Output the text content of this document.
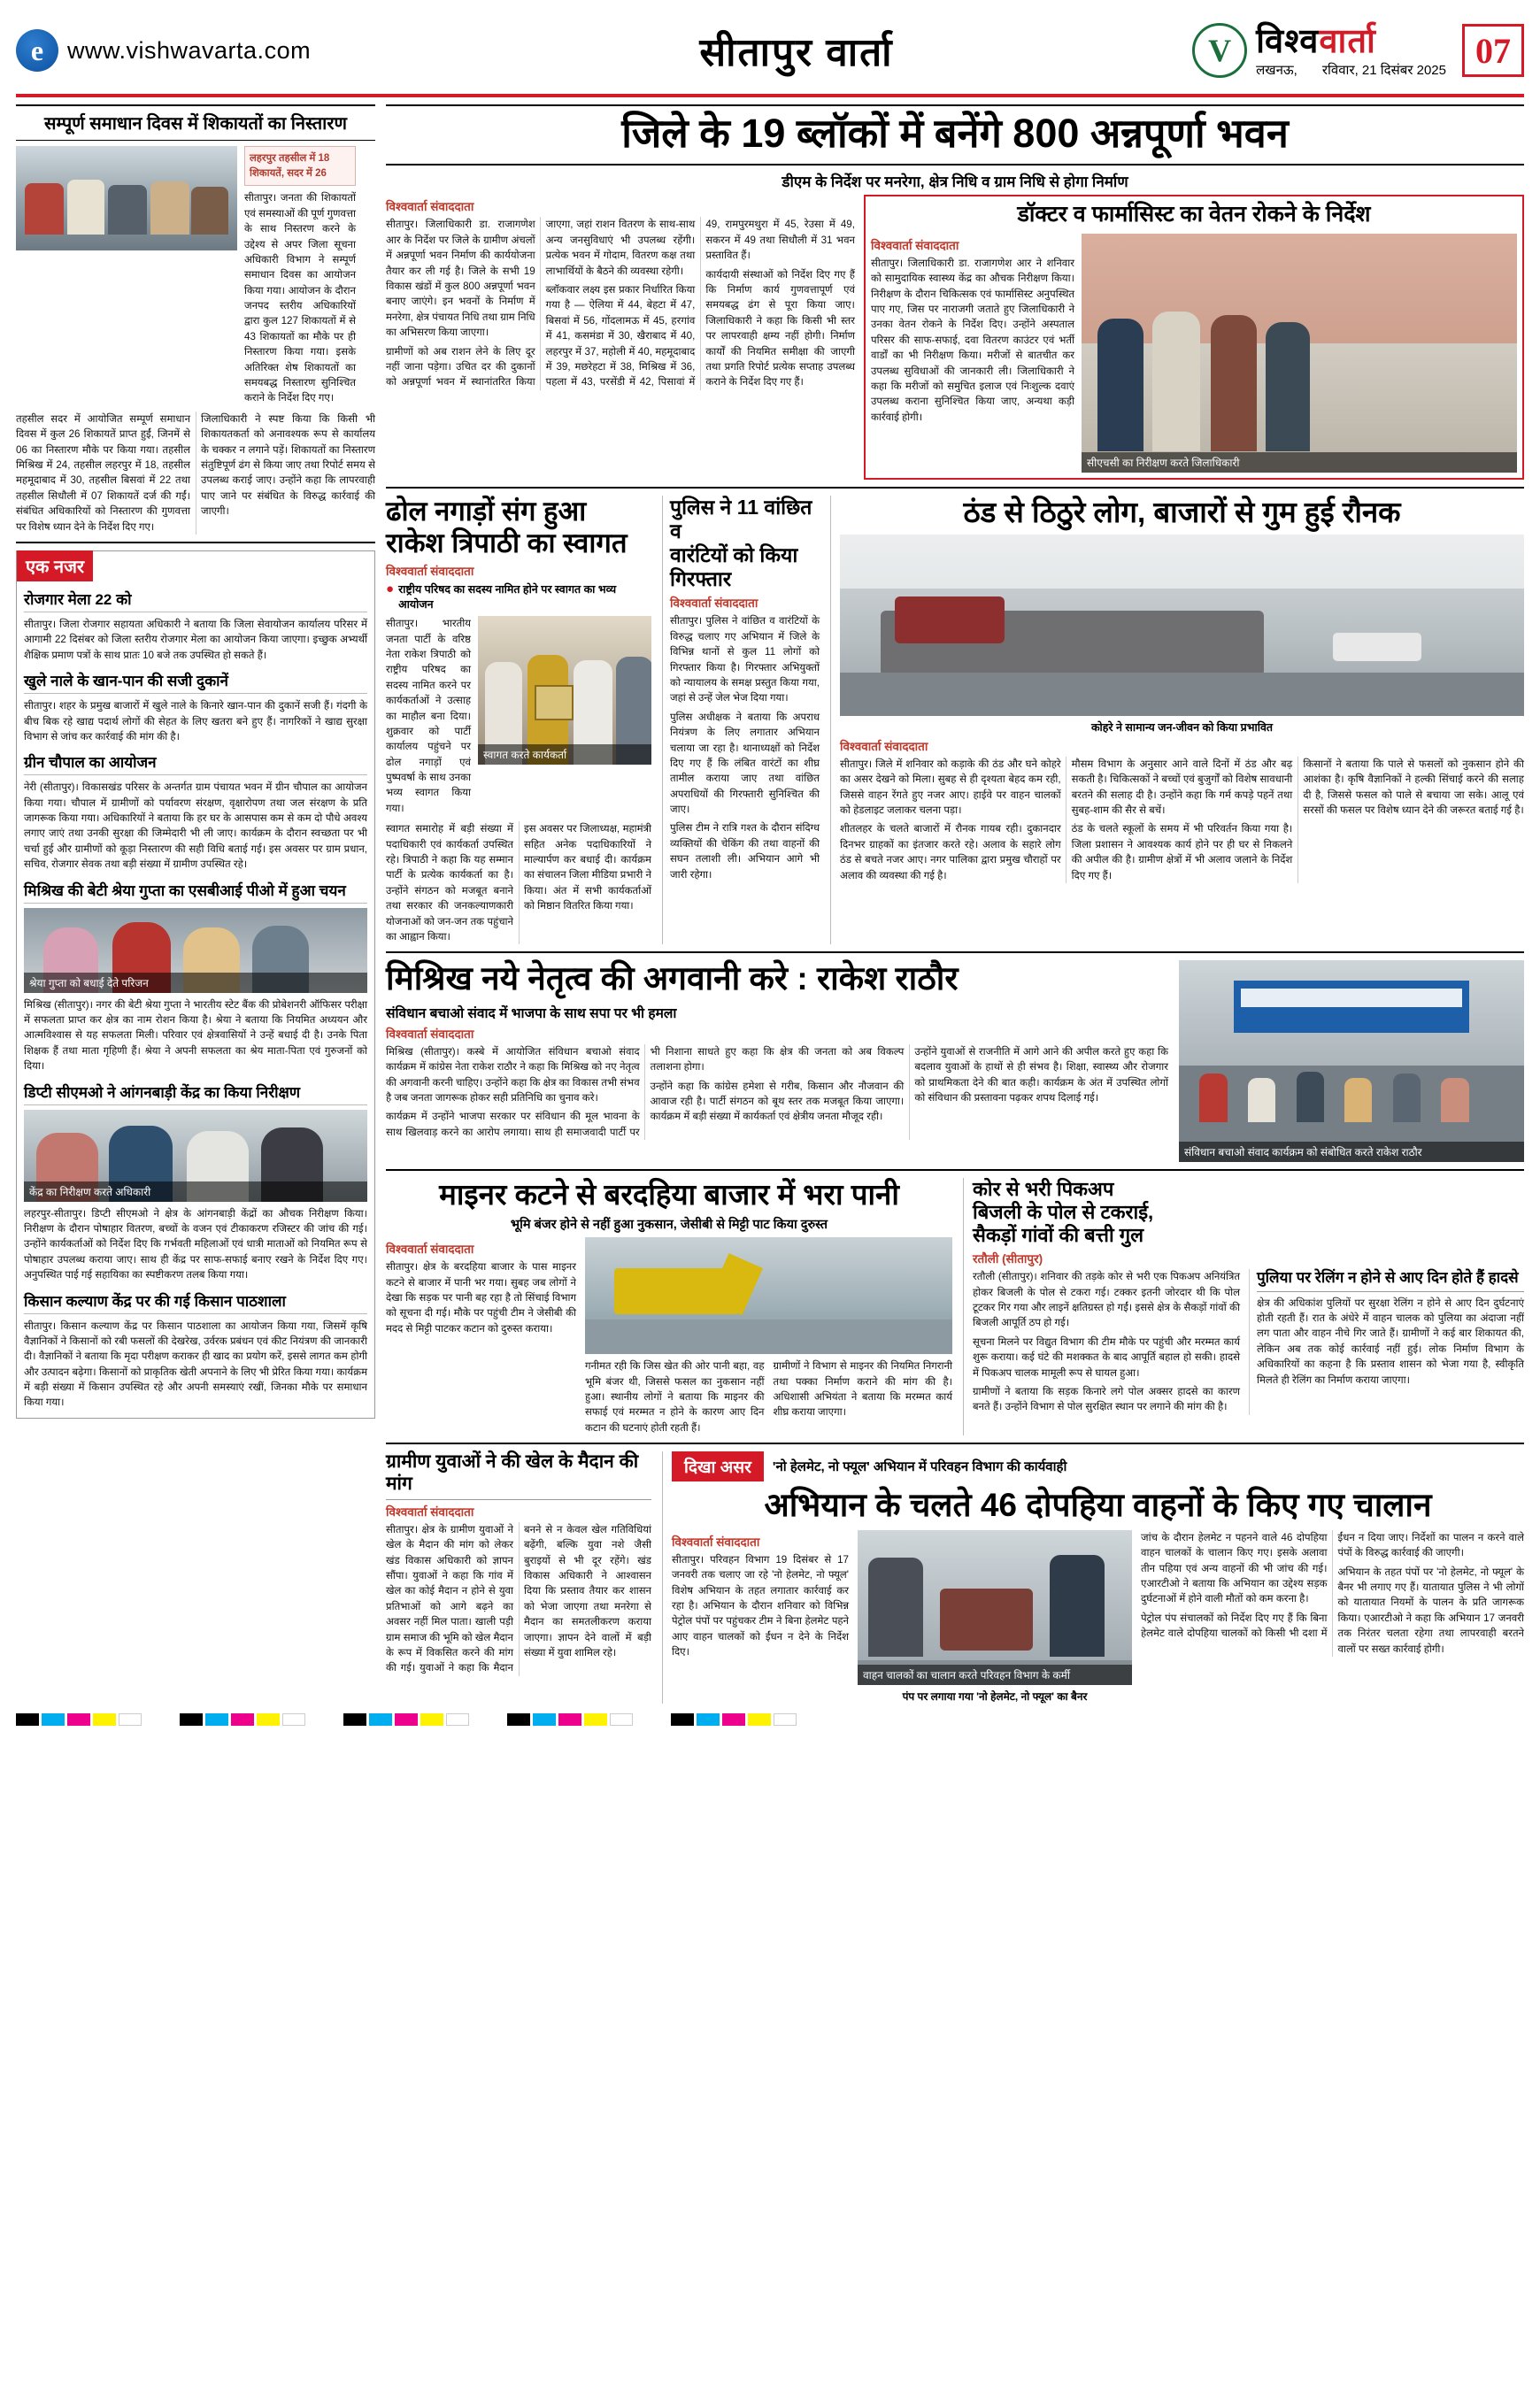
e www.vishwavarta.com	सीतापुर वार्ता	V विश्ववार्ता
लखनऊ, रविवार, 21 दिसंबर 2025 07
सम्पूर्ण समाधान दिवस में शिकायतों का निस्तारण
लहरपुर तहसील में 18 शिकायतें, सदर में 26
सीतापुर। जनता की शिकायतों एवं समस्याओं की पूर्ण गुणवत्ता के साथ निस्तरण करने के उद्देश्य से अपर जिला सूचना अधिकारी विभाग ने सम्पूर्ण समाधान दिवस का आयोजन किया गया। आयोजन के दौरान जनपद स्तरीय अधिकारियों द्वारा कुल 127 शिकायतों में से 43 शिकायतों का मौके पर ही निस्तारण किया गया। इसके अतिरिक्त शेष शिकायतों का समयबद्ध निस्तारण सुनिश्चित कराने के निर्देश दिए गए।
तहसील सदर में आयोजित सम्पूर्ण समाधान दिवस में कुल 26 शिकायतें प्राप्त हुईं, जिनमें से 06 का निस्तारण मौके पर किया गया। तहसील मिश्रिख में 24, तहसील लहरपुर में 18, तहसील महमूदाबाद में 30, तहसील बिसवां में 22 तथा तहसील सिधौली में 07 शिकायतें दर्ज की गईं। संबंधित अधिकारियों को निस्तारण की गुणवत्ता पर विशेष ध्यान देने के निर्देश दिए गए।
जिलाधिकारी ने स्पष्ट किया कि किसी भी शिकायतकर्ता को अनावश्यक रूप से कार्यालय के चक्कर न लगाने पड़ें। शिकायतों का निस्तारण संतुष्टिपूर्ण ढंग से किया जाए तथा रिपोर्ट समय से उपलब्ध कराई जाए। उन्होंने कहा कि लापरवाही पाए जाने पर संबंधित के विरुद्ध कार्रवाई की जाएगी।
एक नजर
रोजगार मेला 22 को
सीतापुर। जिला रोजगार सहायता अधिकारी ने बताया कि जिला सेवायोजन कार्यालय परिसर में आगामी 22 दिसंबर को जिला स्तरीय रोजगार मेला का आयोजन किया जाएगा। इच्छुक अभ्यर्थी शैक्षिक प्रमाण पत्रों के साथ प्रातः 10 बजे तक उपस्थित हो सकते हैं।
खुले नाले के खान-पान की सजी दुकानें
सीतापुर। शहर के प्रमुख बाजारों में खुले नाले के किनारे खान-पान की दुकानें सजी हैं। गंदगी के बीच बिक रहे खाद्य पदार्थ लोगों की सेहत के लिए खतरा बने हुए हैं। नागरिकों ने खाद्य सुरक्षा विभाग से जांच कर कार्रवाई की मांग की है।
ग्रीन चौपाल का आयोजन
नेरी (सीतापुर)। विकासखंड परिसर के अन्तर्गत ग्राम पंचायत भवन में ग्रीन चौपाल का आयोजन किया गया। चौपाल में ग्रामीणों को पर्यावरण संरक्षण, वृक्षारोपण तथा जल संरक्षण के प्रति जागरूक किया गया। अधिकारियों ने बताया कि हर घर के आसपास कम से कम दो पौधे अवश्य लगाए जाएं तथा उनकी सुरक्षा की जिम्मेदारी भी ली जाए। कार्यक्रम के दौरान स्वच्छता पर भी चर्चा हुई और ग्रामीणों को कूड़ा निस्तारण की सही विधि बताई गई। इस अवसर पर ग्राम प्रधान, सचिव, रोजगार सेवक तथा बड़ी संख्या में ग्रामीण उपस्थित रहे।
मिश्रिख की बेटी श्रेया गुप्ता का एसबीआई पीओ में हुआ चयन
श्रेया गुप्ता को बधाई देते परिजन
मिश्रिख (सीतापुर)। नगर की बेटी श्रेया गुप्ता ने भारतीय स्टेट बैंक की प्रोबेशनरी ऑफिसर परीक्षा में सफलता प्राप्त कर क्षेत्र का नाम रोशन किया है। श्रेया ने बताया कि नियमित अध्ययन और आत्मविश्वास से यह सफलता मिली। परिवार एवं क्षेत्रवासियों ने उन्हें बधाई दी है। उनके पिता शिक्षक हैं तथा माता गृहिणी हैं। श्रेया ने अपनी सफलता का श्रेय माता-पिता एवं गुरुजनों को दिया।
डिप्टी सीएमओ ने आंगनबाड़ी केंद्र का किया निरीक्षण
केंद्र का निरीक्षण करते अधिकारी
लहरपुर-सीतापुर। डिप्टी सीएमओ ने क्षेत्र के आंगनबाड़ी केंद्रों का औचक निरीक्षण किया। निरीक्षण के दौरान पोषाहार वितरण, बच्चों के वजन एवं टीकाकरण रजिस्टर की जांच की गई। उन्होंने कार्यकर्ताओं को निर्देश दिए कि गर्भवती महिलाओं एवं धात्री माताओं को नियमित रूप से पोषाहार उपलब्ध कराया जाए। साथ ही केंद्र पर साफ-सफाई बनाए रखने के निर्देश दिए गए। अनुपस्थित पाई गई सहायिका का स्पष्टीकरण तलब किया गया।
किसान कल्याण केंद्र पर की गई किसान पाठशाला
सीतापुर। किसान कल्याण केंद्र पर किसान पाठशाला का आयोजन किया गया, जिसमें कृषि वैज्ञानिकों ने किसानों को रबी फसलों की देखरेख, उर्वरक प्रबंधन एवं कीट नियंत्रण की जानकारी दी। वैज्ञानिकों ने बताया कि मृदा परीक्षण कराकर ही खाद का प्रयोग करें, इससे लागत कम होगी और उत्पादन बढ़ेगा। किसानों को प्राकृतिक खेती अपनाने के लिए भी प्रेरित किया गया। कार्यक्रम में बड़ी संख्या में किसान उपस्थित रहे और अपनी समस्याएं रखीं, जिनका मौके पर समाधान किया गया।
जिले के 19 ब्लॉकों में बनेंगे 800 अन्नपूर्णा भवन
डीएम के निर्देश पर मनरेगा, क्षेत्र निधि व ग्राम निधि से होगा निर्माण
विश्ववार्ता संवाददाता
सीतापुर। जिलाधिकारी डा. राजागणेश आर के निर्देश पर जिले के ग्रामीण अंचलों में अन्नपूर्णा भवन निर्माण की कार्ययोजना तैयार कर ली गई है। जिले के सभी 19 विकास खंडों में कुल 800 अन्नपूर्णा भवन बनाए जाएंगे। इन भवनों के निर्माण में मनरेगा, क्षेत्र पंचायत निधि तथा ग्राम निधि का अभिसरण किया जाएगा।
ग्रामीणों को अब राशन लेने के लिए दूर नहीं जाना पड़ेगा। उचित दर की दुकानों को अन्नपूर्णा भवन में स्थानांतरित किया जाएगा, जहां राशन वितरण के साथ-साथ अन्य जनसुविधाएं भी उपलब्ध रहेंगी। प्रत्येक भवन में गोदाम, वितरण कक्ष तथा लाभार्थियों के बैठने की व्यवस्था रहेगी।
ब्लॉकवार लक्ष्य इस प्रकार निर्धारित किया गया है — ऐलिया में 44, बेहटा में 47, बिसवां में 56, गोंदलामऊ में 45, हरगांव में 41, कसमंडा में 30, खैराबाद में 40, लहरपुर में 37, महोली में 40, महमूदाबाद में 39, मछरेहटा में 38, मिश्रिख में 36, पहला में 43, परसेंडी में 42, पिसावां में 49, रामपुरमथुरा में 45, रेउसा में 49, सकरन में 49 तथा सिधौली में 31 भवन प्रस्तावित हैं।
कार्यदायी संस्थाओं को निर्देश दिए गए हैं कि निर्माण कार्य गुणवत्तापूर्ण एवं समयबद्ध ढंग से पूरा किया जाए। जिलाधिकारी ने कहा कि किसी भी स्तर पर लापरवाही क्षम्य नहीं होगी। निर्माण कार्यों की नियमित समीक्षा की जाएगी तथा प्रगति रिपोर्ट प्रत्येक सप्ताह उपलब्ध कराने के निर्देश दिए गए हैं।
डॉक्टर व फार्मासिस्ट का वेतन रोकने के निर्देश
विश्ववार्ता संवाददाता
सीतापुर। जिलाधिकारी डा. राजागणेश आर ने शनिवार को सामुदायिक स्वास्थ्य केंद्र का औचक निरीक्षण किया। निरीक्षण के दौरान चिकित्सक एवं फार्मासिस्ट अनुपस्थित पाए गए, जिस पर नाराजगी जताते हुए जिलाधिकारी ने उनका वेतन रोकने के निर्देश दिए। उन्होंने अस्पताल परिसर की साफ-सफाई, दवा वितरण काउंटर एवं भर्ती वार्डों का भी निरीक्षण किया। मरीजों से बातचीत कर उपलब्ध सुविधाओं की जानकारी ली। जिलाधिकारी ने कहा कि मरीजों को समुचित इलाज एवं निःशुल्क दवाएं उपलब्ध कराना सुनिश्चित किया जाए, अन्यथा कड़ी कार्रवाई होगी।
सीएचसी का निरीक्षण करते जिलाधिकारी
ढोल नगाड़ों संग हुआ
राकेश त्रिपाठी का स्वागत
विश्ववार्ता संवाददाता
● राष्ट्रीय परिषद का सदस्य नामित होने पर स्वागत का भव्य आयोजन
सीतापुर। भारतीय जनता पार्टी के वरिष्ठ नेता राकेश त्रिपाठी को राष्ट्रीय परिषद का सदस्य नामित करने पर कार्यकर्ताओं ने उत्साह का माहौल बना दिया। शुक्रवार को पार्टी कार्यालय पहुंचने पर ढोल नगाड़ों एवं पुष्पवर्षा के साथ उनका भव्य स्वागत किया गया।
स्वागत करते कार्यकर्ता
स्वागत समारोह में बड़ी संख्या में पदाधिकारी एवं कार्यकर्ता उपस्थित रहे। त्रिपाठी ने कहा कि यह सम्मान पार्टी के प्रत्येक कार्यकर्ता का है। उन्होंने संगठन को मजबूत बनाने तथा सरकार की जनकल्याणकारी योजनाओं को जन-जन तक पहुंचाने का आह्वान किया।
इस अवसर पर जिलाध्यक्ष, महामंत्री सहित अनेक पदाधिकारियों ने माल्यार्पण कर बधाई दी। कार्यक्रम का संचालन जिला मीडिया प्रभारी ने किया। अंत में सभी कार्यकर्ताओं को मिष्ठान वितरित किया गया।
पुलिस ने 11 वांछित व
वारंटियों को किया
गिरफ्तार
विश्ववार्ता संवाददाता
सीतापुर। पुलिस ने वांछित व वारंटियों के विरुद्ध चलाए गए अभियान में जिले के विभिन्न थानों से कुल 11 लोगों को गिरफ्तार किया है। गिरफ्तार अभियुक्तों को न्यायालय के समक्ष प्रस्तुत किया गया, जहां से उन्हें जेल भेज दिया गया।
पुलिस अधीक्षक ने बताया कि अपराध नियंत्रण के लिए लगातार अभियान चलाया जा रहा है। थानाध्यक्षों को निर्देश दिए गए हैं कि लंबित वारंटों का शीघ्र तामील कराया जाए तथा वांछित अपराधियों की गिरफ्तारी सुनिश्चित की जाए।
पुलिस टीम ने रात्रि गश्त के दौरान संदिग्ध व्यक्तियों की चेकिंग की तथा वाहनों की सघन तलाशी ली। अभियान आगे भी जारी रहेगा।
ठंड से ठिठुरे लोग, बाजारों से गुम हुई रौनक
कोहरे ने सामान्य जन-जीवन को किया प्रभावित
विश्ववार्ता संवाददाता
सीतापुर। जिले में शनिवार को कड़ाके की ठंड और घने कोहरे का असर देखने को मिला। सुबह से ही दृश्यता बेहद कम रही, जिससे वाहन रेंगते हुए नजर आए। हाईवे पर वाहन चालकों को हेडलाइट जलाकर चलना पड़ा।
शीतलहर के चलते बाजारों में रौनक गायब रही। दुकानदार दिनभर ग्राहकों का इंतजार करते रहे। अलाव के सहारे लोग ठंड से बचते नजर आए। नगर पालिका द्वारा प्रमुख चौराहों पर अलाव की व्यवस्था की गई है।
मौसम विभाग के अनुसार आने वाले दिनों में ठंड और बढ़ सकती है। चिकित्सकों ने बच्चों एवं बुजुर्गों को विशेष सावधानी बरतने की सलाह दी है। उन्होंने कहा कि गर्म कपड़े पहनें तथा सुबह-शाम की सैर से बचें।
ठंड के चलते स्कूलों के समय में भी परिवर्तन किया गया है। जिला प्रशासन ने आवश्यक कार्य होने पर ही घर से निकलने की अपील की है। ग्रामीण क्षेत्रों में भी अलाव जलाने के निर्देश दिए गए हैं।
किसानों ने बताया कि पाले से फसलों को नुकसान होने की आशंका है। कृषि वैज्ञानिकों ने हल्की सिंचाई करने की सलाह दी है, जिससे फसल को पाले से बचाया जा सके। आलू एवं सरसों की फसल पर विशेष ध्यान देने की जरूरत बताई गई है।
मिश्रिख नये नेतृत्व की अगवानी करे : राकेश राठौर
संविधान बचाओ संवाद में भाजपा के साथ सपा पर भी हमला
विश्ववार्ता संवाददाता
मिश्रिख (सीतापुर)। कस्बे में आयोजित संविधान बचाओ संवाद कार्यक्रम में कांग्रेस नेता राकेश राठौर ने कहा कि मिश्रिख को नए नेतृत्व की अगवानी करनी चाहिए। उन्होंने कहा कि क्षेत्र का विकास तभी संभव है जब जनता जागरूक होकर सही प्रतिनिधि का चुनाव करे।
कार्यक्रम में उन्होंने भाजपा सरकार पर संविधान की मूल भावना के साथ खिलवाड़ करने का आरोप लगाया। साथ ही समाजवादी पार्टी पर भी निशाना साधते हुए कहा कि क्षेत्र की जनता को अब विकल्प तलाशना होगा।
उन्होंने कहा कि कांग्रेस हमेशा से गरीब, किसान और नौजवान की आवाज रही है। पार्टी संगठन को बूथ स्तर तक मजबूत किया जाएगा। कार्यक्रम में बड़ी संख्या में कार्यकर्ता एवं क्षेत्रीय जनता मौजूद रही।
उन्होंने युवाओं से राजनीति में आगे आने की अपील करते हुए कहा कि बदलाव युवाओं के हाथों से ही संभव है। शिक्षा, स्वास्थ्य और रोजगार को प्राथमिकता देने की बात कही। कार्यक्रम के अंत में उपस्थित लोगों को संविधान की प्रस्तावना पढ़कर शपथ दिलाई गई।
संविधान बचाओ संवाद कार्यक्रम को संबोधित करते राकेश राठौर
माइनर कटने से बरदहिया बाजार में भरा पानी
भूमि बंजर होने से नहीं हुआ नुकसान, जेसीबी से मिट्टी पाट किया दुरुस्त
विश्ववार्ता संवाददाता
सीतापुर। क्षेत्र के बरदहिया बाजार के पास माइनर कटने से बाजार में पानी भर गया। सुबह जब लोगों ने देखा कि सड़क पर पानी बह रहा है तो सिंचाई विभाग को सूचना दी गई। मौके पर पहुंची टीम ने जेसीबी की मदद से मिट्टी पाटकर कटान को दुरुस्त कराया।
गनीमत रही कि जिस खेत की ओर पानी बहा, वह भूमि बंजर थी, जिससे फसल का नुकसान नहीं हुआ। स्थानीय लोगों ने बताया कि माइनर की सफाई एवं मरम्मत न होने के कारण आए दिन कटान की घटनाएं होती रहती हैं।
ग्रामीणों ने विभाग से माइनर की नियमित निगरानी तथा पक्का निर्माण कराने की मांग की है। अधिशासी अभियंता ने बताया कि मरम्मत कार्य शीघ्र कराया जाएगा।
कोर से भरी पिकअप
बिजली के पोल से टकराई,
सैकड़ों गांवों की बत्ती गुल
रतौली (सीतापुर)
रतौली (सीतापुर)। शनिवार की तड़के कोर से भरी एक पिकअप अनियंत्रित होकर बिजली के पोल से टकरा गई। टक्कर इतनी जोरदार थी कि पोल टूटकर गिर गया और लाइनें क्षतिग्रस्त हो गईं। इससे क्षेत्र के सैकड़ों गांवों की बिजली आपूर्ति ठप हो गई।
सूचना मिलने पर विद्युत विभाग की टीम मौके पर पहुंची और मरम्मत कार्य शुरू कराया। कई घंटे की मशक्कत के बाद आपूर्ति बहाल हो सकी। हादसे में पिकअप चालक मामूली रूप से घायल हुआ।
ग्रामीणों ने बताया कि सड़क किनारे लगे पोल अक्सर हादसे का कारण बनते हैं। उन्होंने विभाग से पोल सुरक्षित स्थान पर लगाने की मांग की है।
पुलिया पर रेलिंग न होने से आए दिन होते हैं हादसे
क्षेत्र की अधिकांश पुलियों पर सुरक्षा रेलिंग न होने से आए दिन दुर्घटनाएं होती रहती हैं। रात के अंधेरे में वाहन चालक को पुलिया का अंदाजा नहीं लग पाता और वाहन नीचे गिर जाते हैं। ग्रामीणों ने कई बार शिकायत की, लेकिन अब तक कोई कार्रवाई नहीं हुई। लोक निर्माण विभाग के अधिकारियों का कहना है कि प्रस्ताव शासन को भेजा गया है, स्वीकृति मिलते ही रेलिंग का निर्माण कराया जाएगा।
ग्रामीण युवाओं ने की खेल के मैदान की मांग
विश्ववार्ता संवाददाता
सीतापुर। क्षेत्र के ग्रामीण युवाओं ने खेल के मैदान की मांग को लेकर खंड विकास अधिकारी को ज्ञापन सौंपा। युवाओं ने कहा कि गांव में खेल का कोई मैदान न होने से युवा प्रतिभाओं को आगे बढ़ने का अवसर नहीं मिल पाता। खाली पड़ी ग्राम समाज की भूमि को खेल मैदान के रूप में विकसित करने की मांग की गई। युवाओं ने कहा कि मैदान बनने से न केवल खेल गतिविधियां बढ़ेंगी, बल्कि युवा नशे जैसी बुराइयों से भी दूर रहेंगे। खंड विकास अधिकारी ने आश्वासन दिया कि प्रस्ताव तैयार कर शासन को भेजा जाएगा तथा मनरेगा से मैदान का समतलीकरण कराया जाएगा। ज्ञापन देने वालों में बड़ी संख्या में युवा शामिल रहे।
दिखा असर	'नो हेलमेट, नो फ्यूल' अभियान में परिवहन विभाग की कार्यवाही
अभियान के चलते 46 दोपहिया वाहनों के किए गए चालान
विश्ववार्ता संवाददाता
सीतापुर। परिवहन विभाग 19 दिसंबर से 17 जनवरी तक चलाए जा रहे 'नो हेलमेट, नो फ्यूल' विशेष अभियान के तहत लगातार कार्रवाई कर रहा है। अभियान के दौरान शनिवार को विभिन्न पेट्रोल पंपों पर पहुंचकर टीम ने बिना हेलमेट पहने आए वाहन चालकों को ईंधन न देने के निर्देश दिए।
वाहन चालकों का चालान करते परिवहन विभाग के कर्मी
पंप पर लगाया गया 'नो हेलमेट, नो फ्यूल' का बैनर
जांच के दौरान हेलमेट न पहनने वाले 46 दोपहिया वाहन चालकों के चालान किए गए। इसके अलावा तीन पहिया एवं अन्य वाहनों की भी जांच की गई। एआरटीओ ने बताया कि अभियान का उद्देश्य सड़क दुर्घटनाओं में होने वाली मौतों को कम करना है।
पेट्रोल पंप संचालकों को निर्देश दिए गए हैं कि बिना हेलमेट वाले दोपहिया चालकों को किसी भी दशा में ईंधन न दिया जाए। निर्देशों का पालन न करने वाले पंपों के विरुद्ध कार्रवाई की जाएगी।
अभियान के तहत पंपों पर 'नो हेलमेट, नो फ्यूल' के बैनर भी लगाए गए हैं। यातायात पुलिस ने भी लोगों को यातायात नियमों के पालन के प्रति जागरूक किया। एआरटीओ ने कहा कि अभियान 17 जनवरी तक निरंतर चलता रहेगा तथा लापरवाही बरतने वालों पर सख्त कार्रवाई होगी।
